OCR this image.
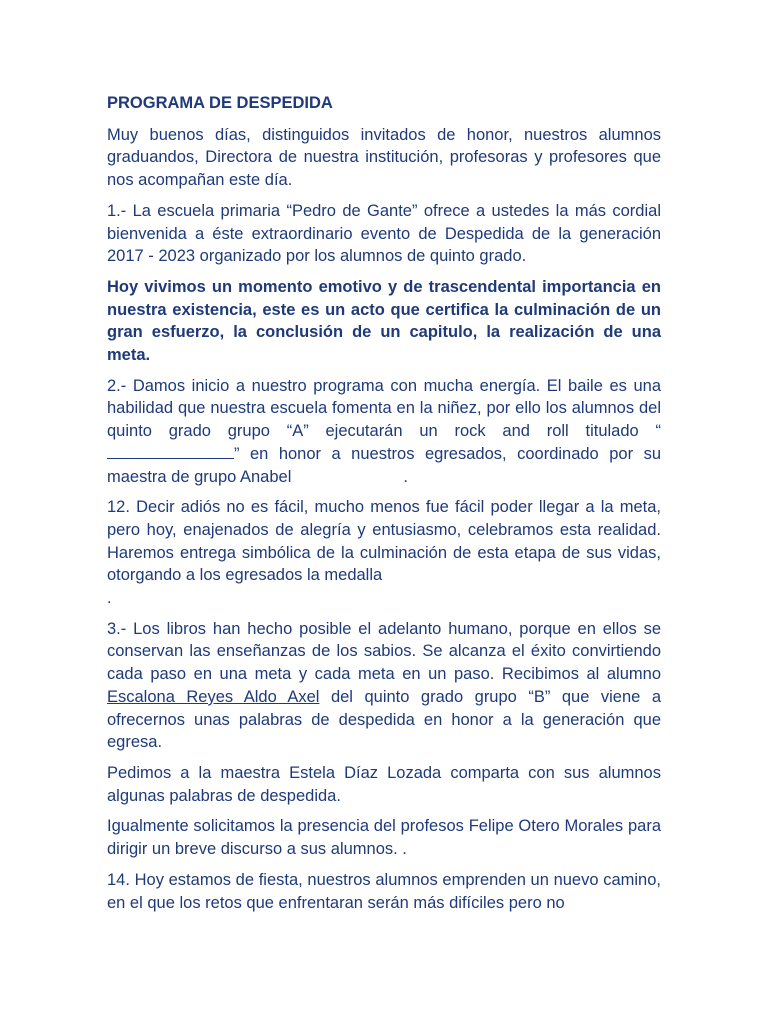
PROGRAMA DE DESPEDIDA

Muy buenos días, distinguidos invitados de honor, nuestros alumnos graduandos, Directora de nuestra institución, profesoras y profesores que nos acompañan este día.

1.- La escuela primaria “Pedro de Gante” ofrece a ustedes la más cordial bienvenida a éste extraordinario evento de Despedida de la generación 2017 - 2023 organizado por los alumnos de quinto grado.

Hoy vivimos un momento emotivo y de trascendental importancia en nuestra existencia, este es un acto que certifica la culminación de un gran esfuerzo, la conclusión de un capitulo, la realización de una meta.

2.- Damos inicio a nuestro programa con mucha energía. El baile es una habilidad que nuestra escuela fomenta en la niñez, por ello los alumnos del quinto grado grupo “A” ejecutarán un rock and roll titulado “” en honor a nuestros egresados, coordinado por su maestra de grupo Anabel	.

12. Decir adiós no es fácil, mucho menos fue fácil poder llegar a la meta, pero hoy, enajenados de alegría y entusiasmo, celebramos esta realidad. Haremos entrega simbólica de la culminación de esta etapa de sus vidas, otorgando a los egresados la medalla
.

3.- Los libros han hecho posible el adelanto humano, porque en ellos se conservan las enseñanzas de los sabios. Se alcanza el éxito convirtiendo cada paso en una meta y cada meta en un paso. Recibimos al alumno Escalona Reyes Aldo Axel del quinto grado grupo “B” que viene a ofrecernos unas palabras de despedida en honor a la generación que egresa.

Pedimos a la maestra Estela Díaz Lozada comparta con sus alumnos algunas palabras de despedida.

Igualmente solicitamos la presencia del profesos Felipe Otero Morales para dirigir un breve discurso a sus alumnos. .

14. Hoy estamos de fiesta, nuestros alumnos emprenden un nuevo camino, en el que los retos que enfrentaran serán más difíciles pero no
